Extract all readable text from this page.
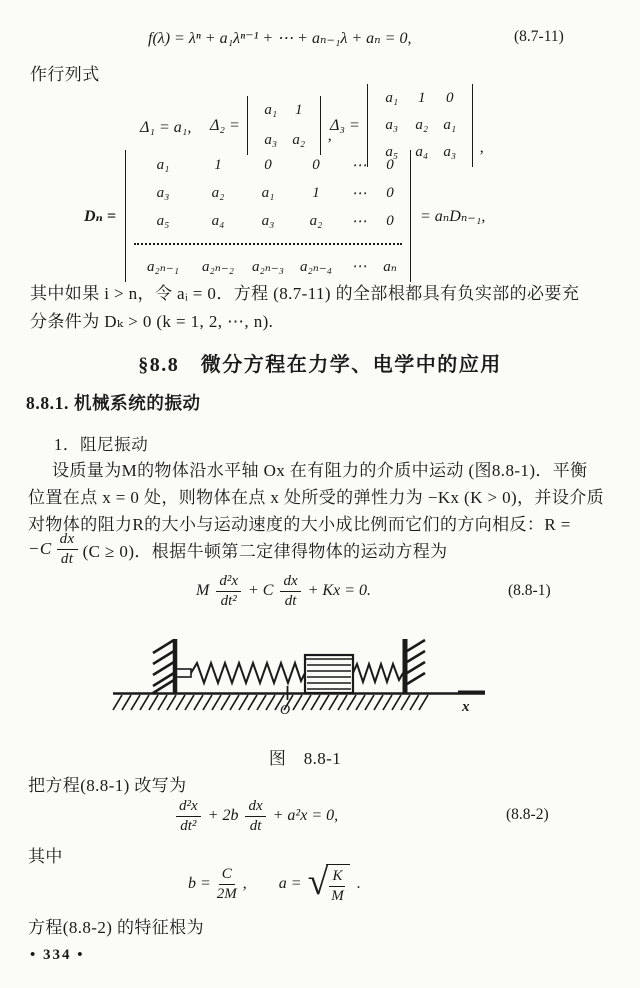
f(λ) = λⁿ + a₁λⁿ⁻¹ + ⋯ + aₙ₋₁λ + aₙ = 0,	(8.7-11)
作行列式
Δ₁ = a₁, Δ₂ =
a₁ 1
a₃ a₂ ,
Δ₃ =
a₁ 1 0
a₃ a₂ a₁
a₅ a₄ a₃ ,
Dₙ =
a₁	1	0	0 ⋯ 0
a₃	a₂ a₁	1 ⋯ 0
a₅	a₄ a₃ a₂ ⋯ 0
a₂ₙ₋₁ a₂ₙ₋₂ a₂ₙ₋₃ a₂ₙ₋₄ ⋯ aₙ
= aₙDₙ₋₁,
其中如果 i > n，令 aᵢ = 0．方程 (8.7-11) 的全部根都具有负实部的必要充
分条件为 Dₖ > 0 (k = 1, 2, ⋯, n).
§8.8　微分方程在力学、电学中的应用
8.8.1. 机械系统的振动
1．阻尼振动
设质量为M的物体沿水平轴 Ox 在有阻力的介质中运动 (图8.8-1)．平衡
位置在点 x = 0 处，则物体在点 x 处所受的弹性力为 −Kx (K > 0)，并设介质
对物体的阻力R的大小与运动速度的大小成比例而它们的方向相反：R =
$-C \frac{dx}{dt} (C \ge 0)$．根据牛顿第二定律得物体的运动方程为
M $\frac{\text{d²x}}{\text{dt²}} + C \frac{dx}{dt} + Kx = 0$.	(8.8-1)
O	x
图　8.8-1
把方程(8.8-1) 改写为
$\frac{\text{d²x}}{\text{dt²}} + 2b \frac{dx}{dt} + a^2x = 0$,	(8.8-2)
其中
$b = \frac{C}{2M}$ , a = √ $\frac{K}{M}$ .
方程(8.8-2) 的特征根为
• 334 •
